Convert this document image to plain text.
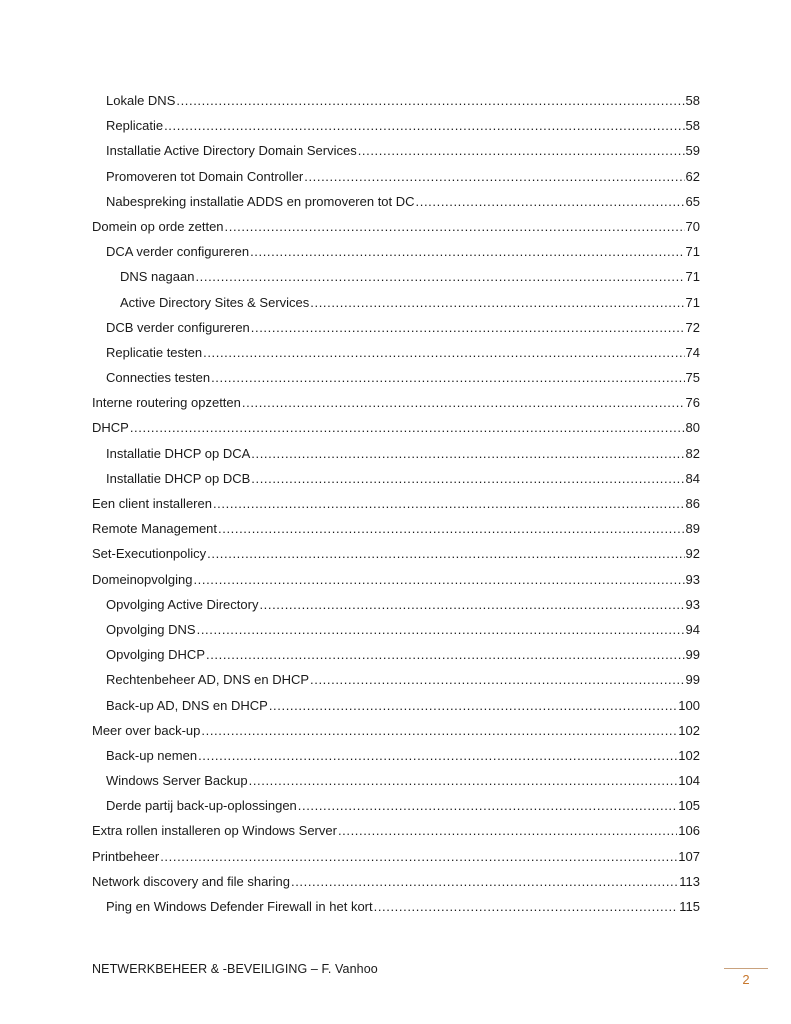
Lokale DNS .....	58
Replicatie .....	58
Installatie Active Directory Domain Services .....	59
Promoveren tot Domain Controller .....	62
Nabespreking installatie ADDS en promoveren tot DC .....	65
Domein op orde zetten .....	70
DCA verder configureren .....	71
DNS nagaan .....	71
Active Directory Sites & Services .....	71
DCB verder configureren .....	72
Replicatie testen .....	74
Connecties testen .....	75
Interne routering opzetten .....	76
DHCP .....	80
Installatie DHCP op DCA .....	82
Installatie DHCP op DCB .....	84
Een client installeren .....	86
Remote Management .....	89
Set-Executionpolicy .....	92
Domeinopvolging .....	93
Opvolging Active Directory .....	93
Opvolging DNS .....	94
Opvolging DHCP .....	99
Rechtenbeheer AD, DNS en DHCP .....	99
Back-up AD, DNS en DHCP .....	100
Meer over back-up .....	102
Back-up nemen .....	102
Windows Server Backup .....	104
Derde partij back-up-oplossingen .....	105
Extra rollen installeren op Windows Server .....	106
Printbeheer .....	107
Network discovery and file sharing .....	113
Ping en Windows Defender Firewall in het kort .....	115
NETWERKBEHEER & -BEVEILIGING – F. Vanhoo
2
